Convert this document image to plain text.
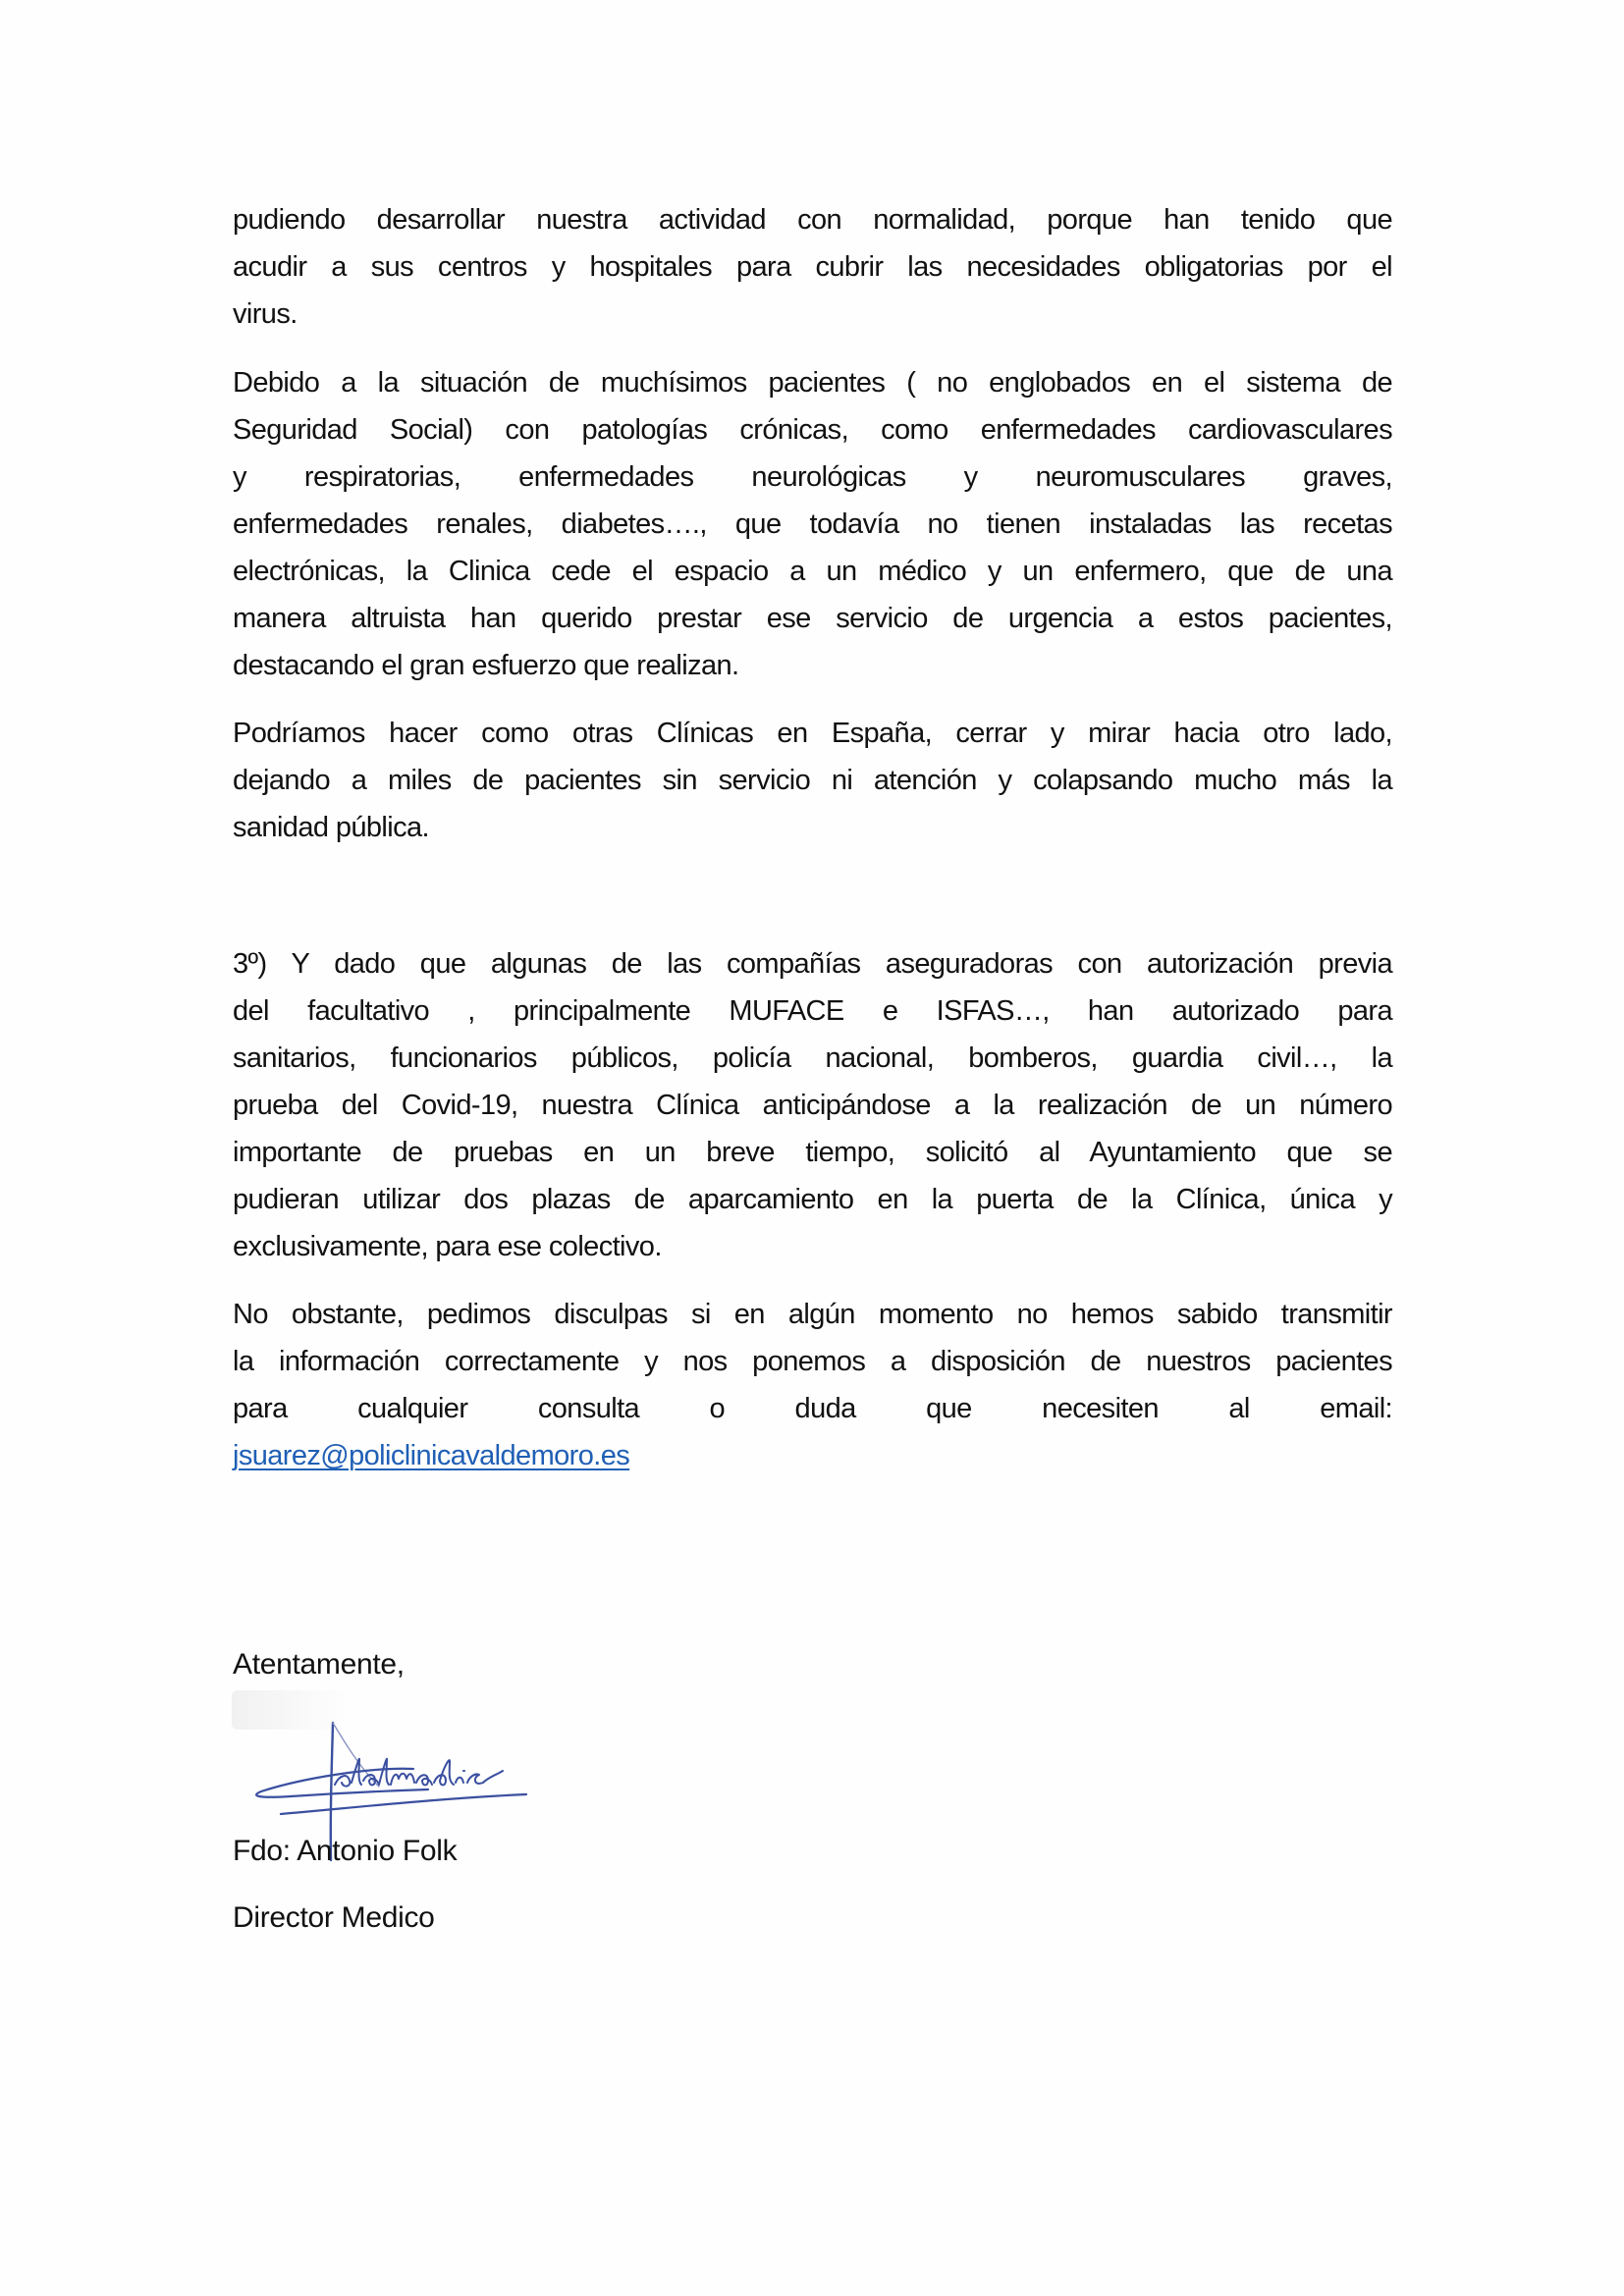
pudiendo desarrollar nuestra actividad con normalidad, porque han tenido que
acudir a sus centros y hospitales para cubrir las necesidades obligatorias por el
virus.
Debido a la situación de muchísimos pacientes ( no englobados en el sistema de
Seguridad Social) con patologías crónicas, como enfermedades cardiovasculares
y respiratorias, enfermedades neurológicas y neuromusculares graves,
enfermedades renales, diabetes…., que todavía no tienen instaladas las recetas
electrónicas, la Clinica cede el espacio a un médico y un enfermero, que de una
manera altruista han querido prestar ese servicio de urgencia a estos pacientes,
destacando el gran esfuerzo que realizan.
Podríamos hacer como otras Clínicas en España, cerrar y mirar hacia otro lado,
dejando a miles de pacientes sin servicio ni atención y colapsando mucho más la
sanidad pública.
3º) Y dado que algunas de las compañías aseguradoras con autorización previa
del facultativo , principalmente MUFACE e ISFAS…, han autorizado para
sanitarios, funcionarios públicos, policía nacional, bomberos, guardia civil…, la
prueba del Covid-19, nuestra Clínica anticipándose a la realización de un número
importante de pruebas en un breve tiempo, solicitó al Ayuntamiento que se
pudieran utilizar dos plazas de aparcamiento en la puerta de la Clínica, única y
exclusivamente, para ese colectivo.
No obstante, pedimos disculpas si en algún momento no hemos sabido transmitir
la información correctamente y nos ponemos a disposición de nuestros pacientes
para cualquier consulta o duda que necesiten al email:
jsuarez@policlinicavaldemoro.es
Atentamente,
Fdo: Antonio Folk
Director Medico
